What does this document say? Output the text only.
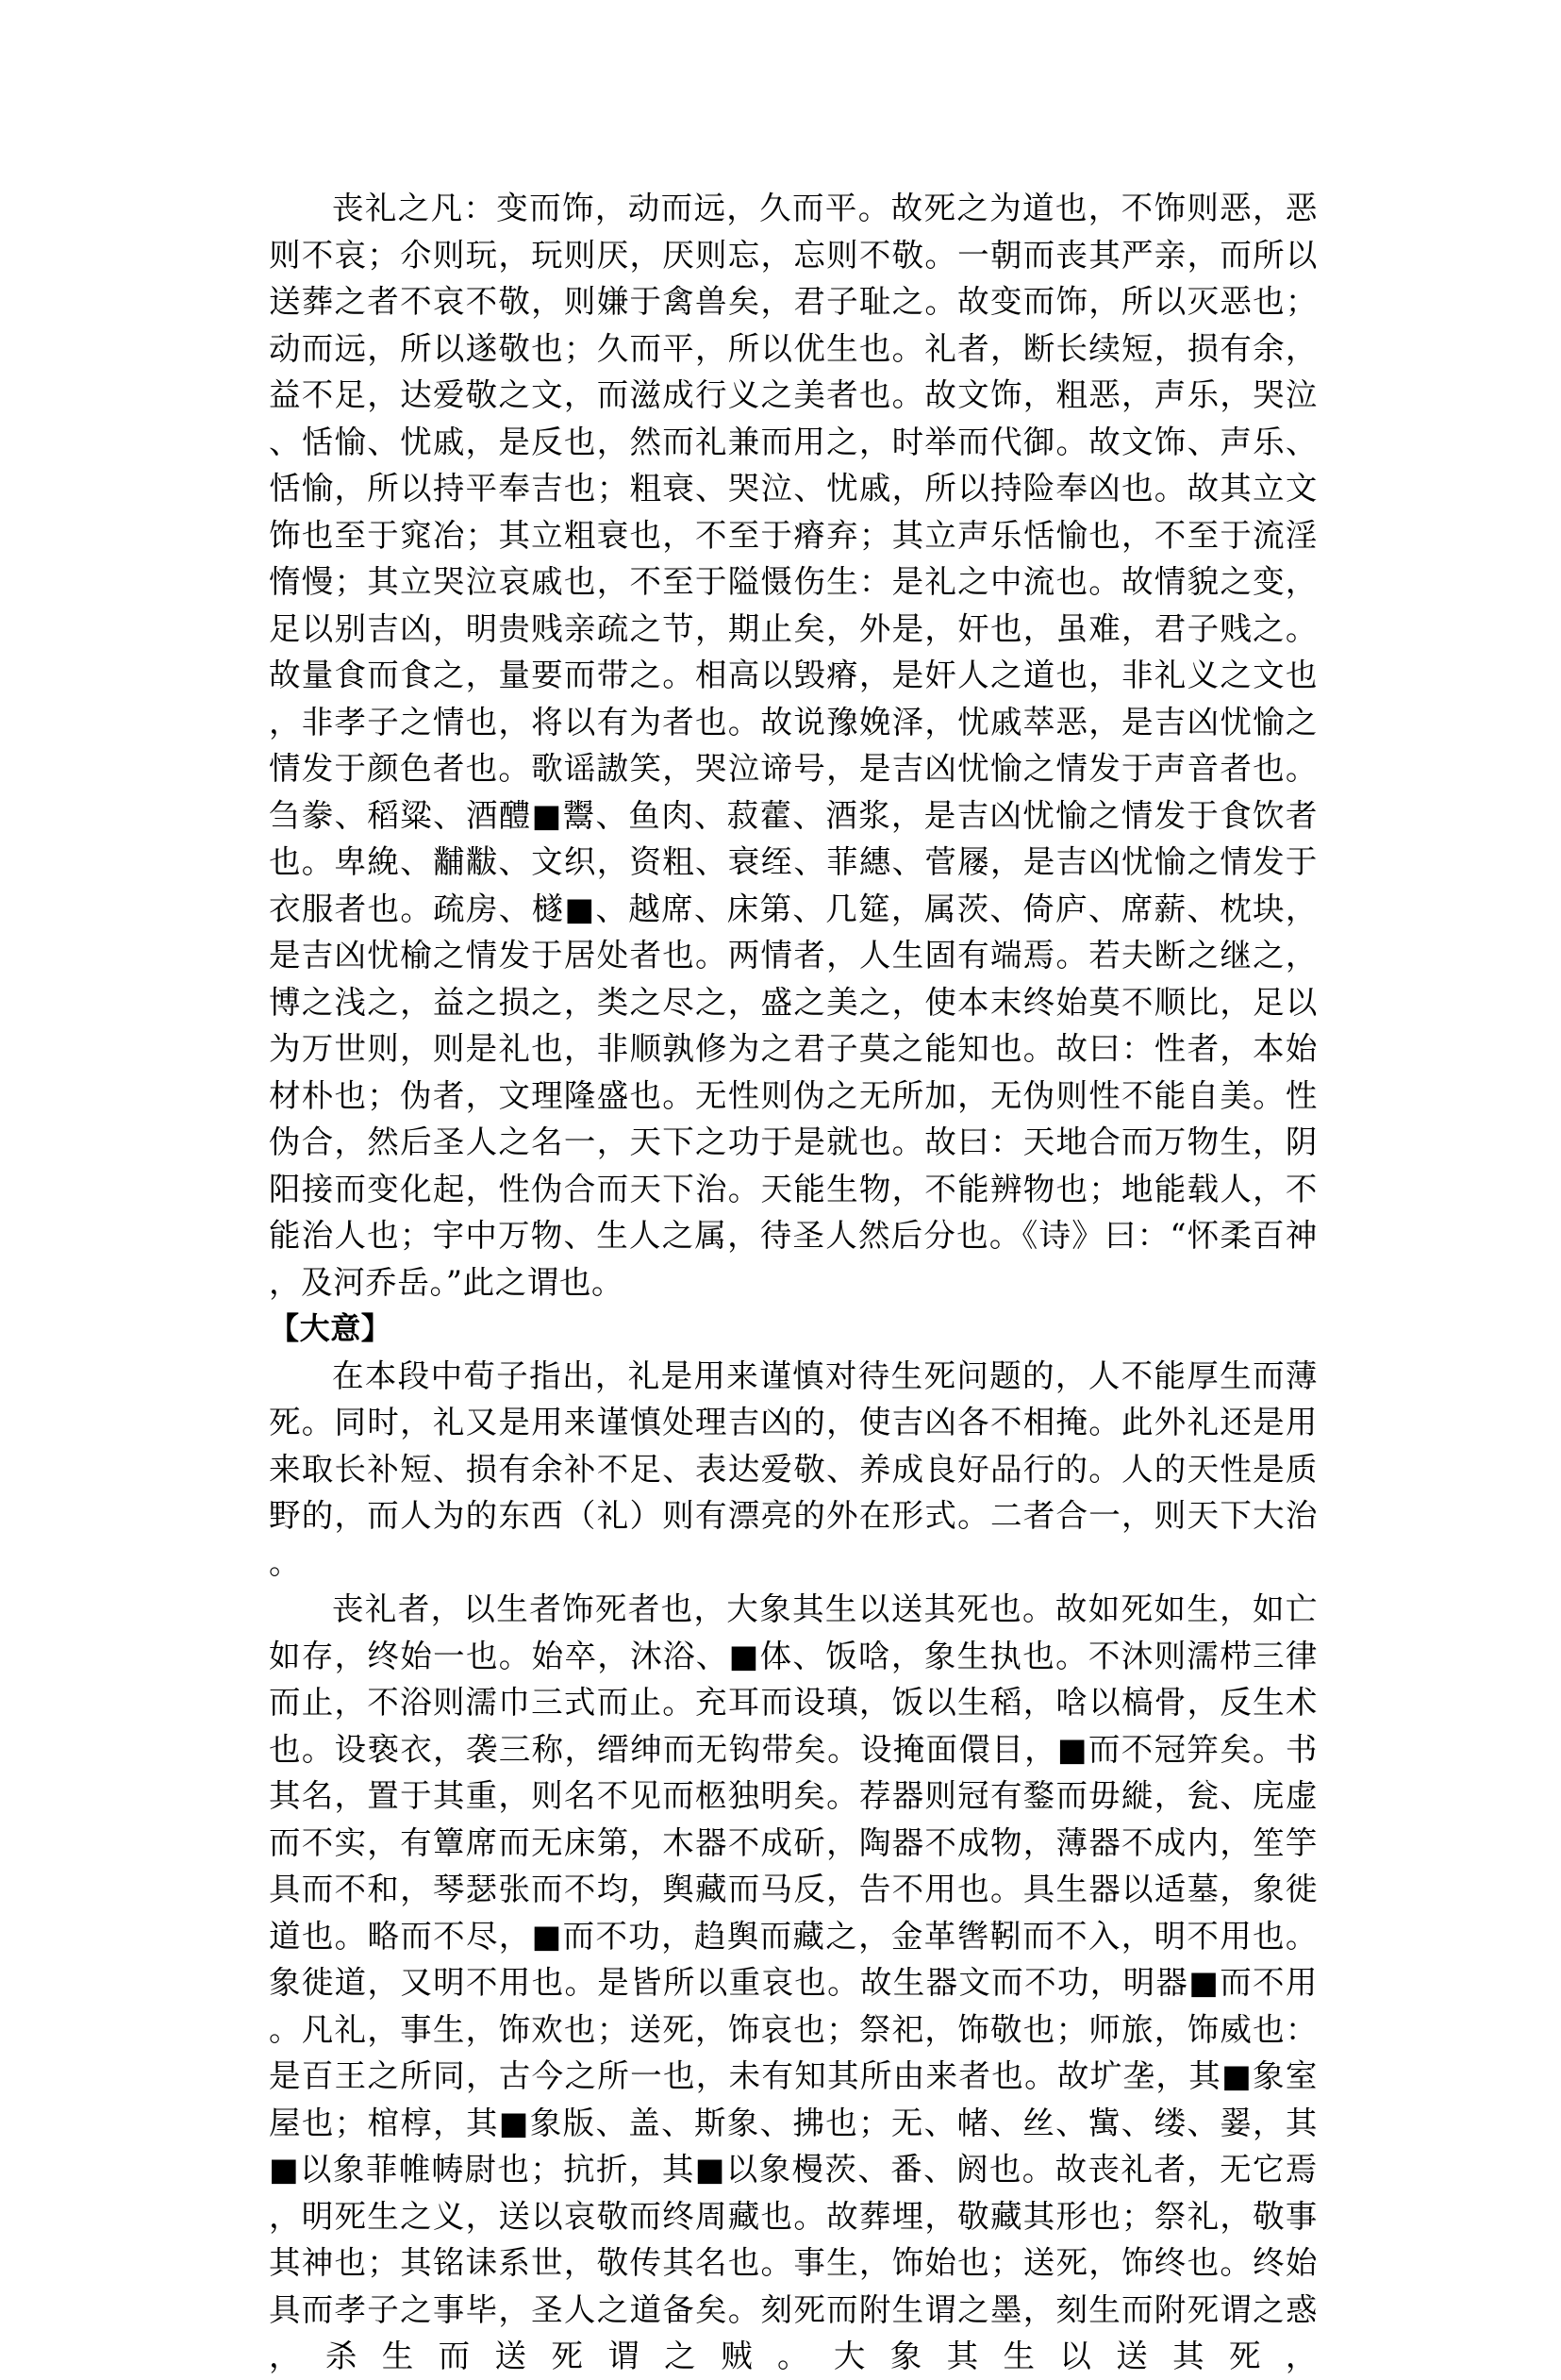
丧礼之凡：变而饰，动而远，久而平。故死之为道也，不饰则恶，恶则不哀；尒则玩，玩则厌，厌则忘，忘则不敬。一朝而丧其严亲，而所以送葬之者不哀不敬，则嫌于禽兽矣，君子耻之。故变而饰，所以灭恶也；动而远，所以遂敬也；久而平，所以优生也。礼者，断长续短，损有余，益不足，达爱敬之文，而滋成行义之美者也。故文饰，粗恶，声乐，哭泣、恬愉、忧戚，是反也，然而礼兼而用之，时举而代御。故文饰、声乐、恬愉，所以持平奉吉也；粗衰、哭泣、忧戚，所以持险奉凶也。故其立文饰也至于窕冶；其立粗衰也，不至于瘠弃；其立声乐恬愉也，不至于流淫惰慢；其立哭泣哀戚也，不至于隘慑伤生：是礼之中流也。故情貌之变，足以别吉凶，明贵贱亲疏之节，期止矣，外是，奸也，虽难，君子贱之。故量食而食之，量要而带之。相高以毁瘠，是奸人之道也，非礼义之文也，非孝子之情也，将以有为者也。故说豫娩泽，忧戚萃恶，是吉凶忧愉之情发于颜色者也。歌谣謸笑，哭泣谛号，是吉凶忧愉之情发于声音者也。刍豢、稻粱、酒醴■鬻、鱼肉、菽藿、酒浆，是吉凶忧愉之情发于食饮者也。卑絻、黼黻、文织，资粗、衰绖、菲繐、菅屦，是吉凶忧愉之情发于衣服者也。疏房、檖■、越席、床第、几筵，属茨、倚庐、席薪、枕块，是吉凶忧榆之情发于居处者也。两情者，人生固有端焉。若夫断之继之，博之浅之，益之损之，类之尽之，盛之美之，使本末终始莫不顺比，足以为万世则，则是礼也，非顺孰修为之君子莫之能知也。故曰：性者，本始材朴也；伪者，文理隆盛也。无性则伪之无所加，无伪则性不能自美。性伪合，然后圣人之名一，天下之功于是就也。故曰：天地合而万物生，阴阳接而变化起，性伪合而天下治。天能生物，不能辨物也；地能载人，不能治人也；宇中万物、生人之属，待圣人然后分也。《诗》曰：“怀柔百神，及河乔岳。”此之谓也。

【大意】

在本段中荀子指出，礼是用来谨慎对待生死问题的，人不能厚生而薄死。同时，礼又是用来谨慎处理吉凶的，使吉凶各不相掩。此外礼还是用来取长补短、损有余补不足、表达爱敬、养成良好品行的。人的天性是质野的，而人为的东西（礼）则有漂亮的外在形式。二者合一，则天下大治。

丧礼者，以生者饰死者也，大象其生以送其死也。故如死如生，如亡如存，终始一也。始卒，沐浴、■体、饭唅，象生执也。不沐则濡栉三律而止，不浴则濡巾三式而止。充耳而设瑱，饭以生稻，唅以槁骨，反生术也。设亵衣，袭三称，缙绅而无钩带矣。设掩面儇目，■而不冠笄矣。书其名，置于其重，则名不见而柩独明矣。荐器则冠有鍪而毋縰，瓮、庑虚而不实，有簟席而无床第，木器不成斫，陶器不成物，薄器不成内，笙竽具而不和，琴瑟张而不均，舆藏而马反，告不用也。具生器以适墓，象徙道也。略而不尽，■而不功，趋舆而藏之，金革辔靷而不入，明不用也。象徙道，又明不用也。是皆所以重哀也。故生器文而不功，明器■而不用。凡礼，事生，饰欢也；送死，饰哀也；祭祀，饰敬也；师旅，饰威也：是百王之所同，古今之所一也，未有知其所由来者也。故圹垄，其■象室屋也；棺椁，其■象版、盖、斯象、拂也；无、帾、丝、歶、缕、翣，其■以象菲帷帱尉也；抗折，其■以象槾茨、番、阏也。故丧礼者，无它焉，明死生之义，送以哀敬而终周藏也。故葬埋，敬藏其形也；祭礼，敬事其神也；其铭诔系世，敬传其名也。事生，饰始也；送死，饰终也。终始具而孝子之事毕，圣人之道备矣。刻死而附生谓之墨，刻生而附死谓之惑，杀生而送死谓之贼。大象其生以送其死，
